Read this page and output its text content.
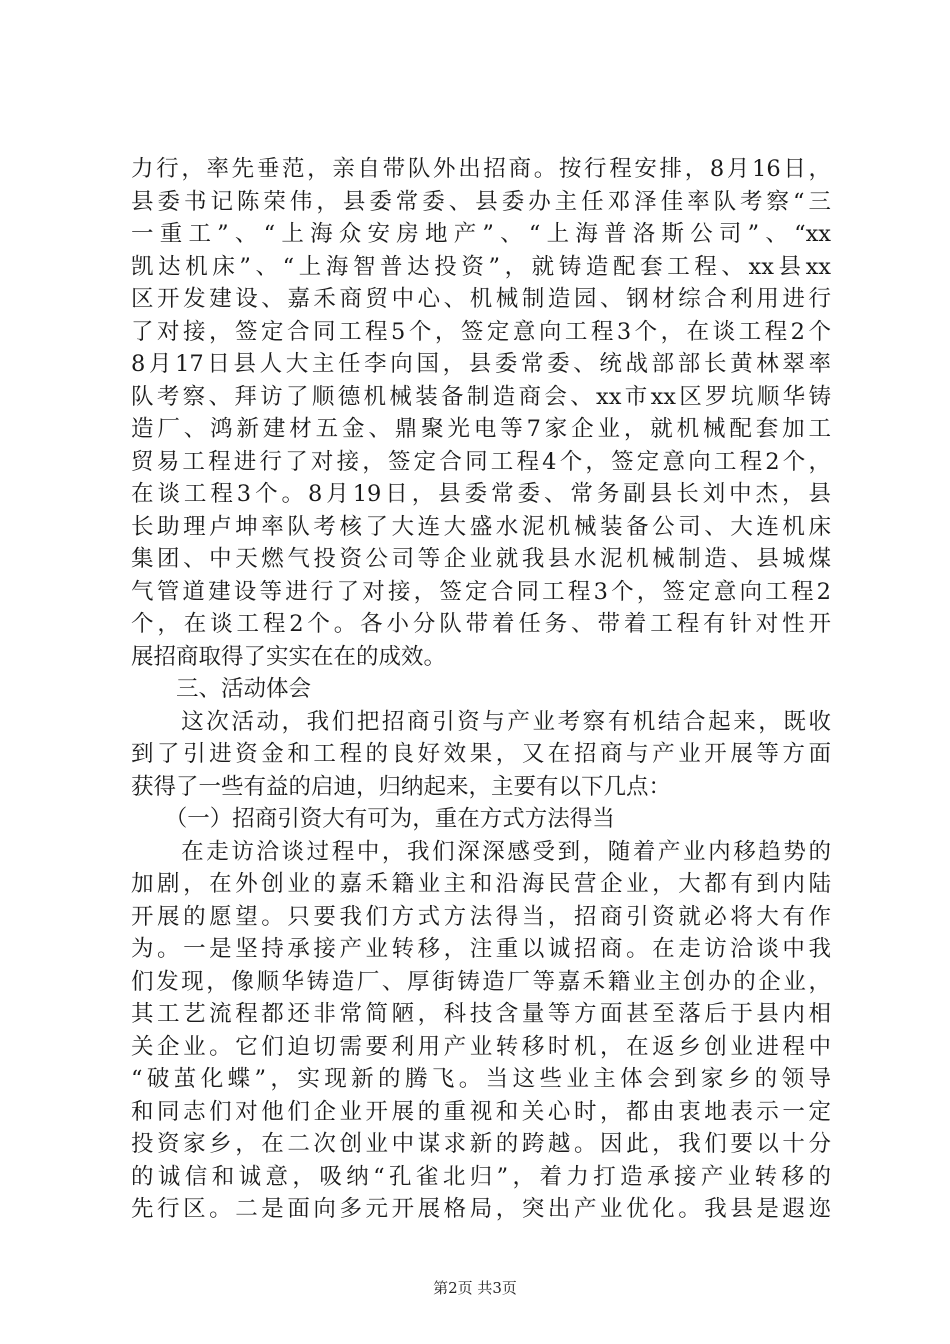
力行，率先垂范，亲自带队外出招商。按行程安排，8月16日，
县委书记陈荣伟，县委常委、县委办主任邓泽佳率队考察“三
一重工”、“上海众安房地产”、“上海普洛斯公司”、“xx
凯达机床”、“上海智普达投资”，就铸造配套工程、xx县xx
区开发建设、嘉禾商贸中心、机械制造园、钢材综合利用进行
了对接，签定合同工程5个，签定意向工程3个，在谈工程2个
8月17日县人大主任李向国，县委常委、统战部部长黄林翠率
队考察、拜访了顺德机械装备制造商会、xx市xx区罗坑顺华铸
造厂、鸿新建材五金、鼎聚光电等7家企业，就机械配套加工
贸易工程进行了对接，签定合同工程4个，签定意向工程2个，
在谈工程3个。8月19日，县委常委、常务副县长刘中杰，县
长助理卢坤率队考核了大连大盛水泥机械装备公司、大连机床
集团、中天燃气投资公司等企业就我县水泥机械制造、县城煤
气管道建设等进行了对接，签定合同工程3个，签定意向工程2
个，在谈工程2个。各小分队带着任务、带着工程有针对性开
展招商取得了实实在在的成效。
　　三、活动体会
　　这次活动，我们把招商引资与产业考察有机结合起来，既收
到了引进资金和工程的良好效果，又在招商与产业开展等方面
获得了一些有益的启迪，归纳起来，主要有以下几点：
　　（一）招商引资大有可为，重在方式方法得当
　　在走访洽谈过程中，我们深深感受到，随着产业内移趋势的
加剧，在外创业的嘉禾籍业主和沿海民营企业，大都有到内陆
开展的愿望。只要我们方式方法得当，招商引资就必将大有作
为。一是坚持承接产业转移，注重以诚招商。在走访洽谈中我
们发现，像顺华铸造厂、厚街铸造厂等嘉禾籍业主创办的企业，
其工艺流程都还非常简陋，科技含量等方面甚至落后于县内相
关企业。它们迫切需要利用产业转移时机，在返乡创业进程中
“破茧化蝶”，实现新的腾飞。当这些业主体会到家乡的领导
和同志们对他们企业开展的重视和关心时，都由衷地表示一定
投资家乡，在二次创业中谋求新的跨越。因此，我们要以十分
的诚信和诚意，吸纳“孔雀北归”，着力打造承接产业转移的
先行区。二是面向多元开展格局，突出产业优化。我县是遐迩
第2页 共3页
